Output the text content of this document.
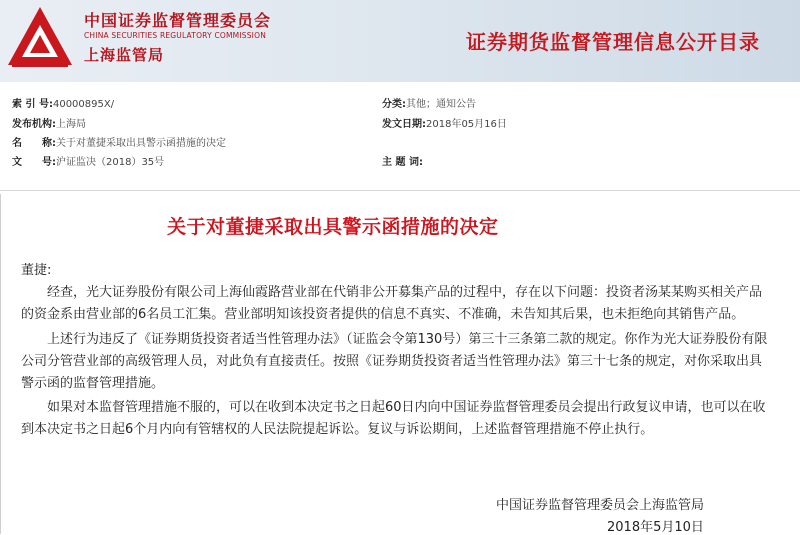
中国证券监督管理委员会
CHINA SECURITIES REGULATORY COMMISSION
上海监管局
证券期货监督管理信息公开目录
索 引 号:40000895X/	分类:其他；通知公告
发布机构:上海局	发文日期:2018年05月16日
名　　称:关于对董捷采取出具警示函措施的决定
文　　号:沪证监决（2018）35号	主 题 词:
关于对董捷采取出具警示函措施的决定
董捷:
　　经查，光大证券股份有限公司上海仙霞路营业部在代销非公开募集产品的过程中，存在以下问题：投资者汤某某购买相关产品
的资金系由营业部的6名员工汇集。营业部明知该投资者提供的信息不真实、不准确，未告知其后果，也未拒绝向其销售产品。
　　上述行为违反了《证券期货投资者适当性管理办法》（证监会令第130号）第三十三条第二款的规定。你作为光大证券股份有限
公司分管营业部的高级管理人员，对此负有直接责任。按照《证券期货投资者适当性管理办法》第三十七条的规定，对你采取出具
警示函的监督管理措施。
　　如果对本监督管理措施不服的，可以在收到本决定书之日起60日内向中国证券监督管理委员会提出行政复议申请，也可以在收
到本决定书之日起6个月内向有管辖权的人民法院提起诉讼。复议与诉讼期间，上述监督管理措施不停止执行。
中国证券监督管理委员会上海监管局
2018年5月10日
